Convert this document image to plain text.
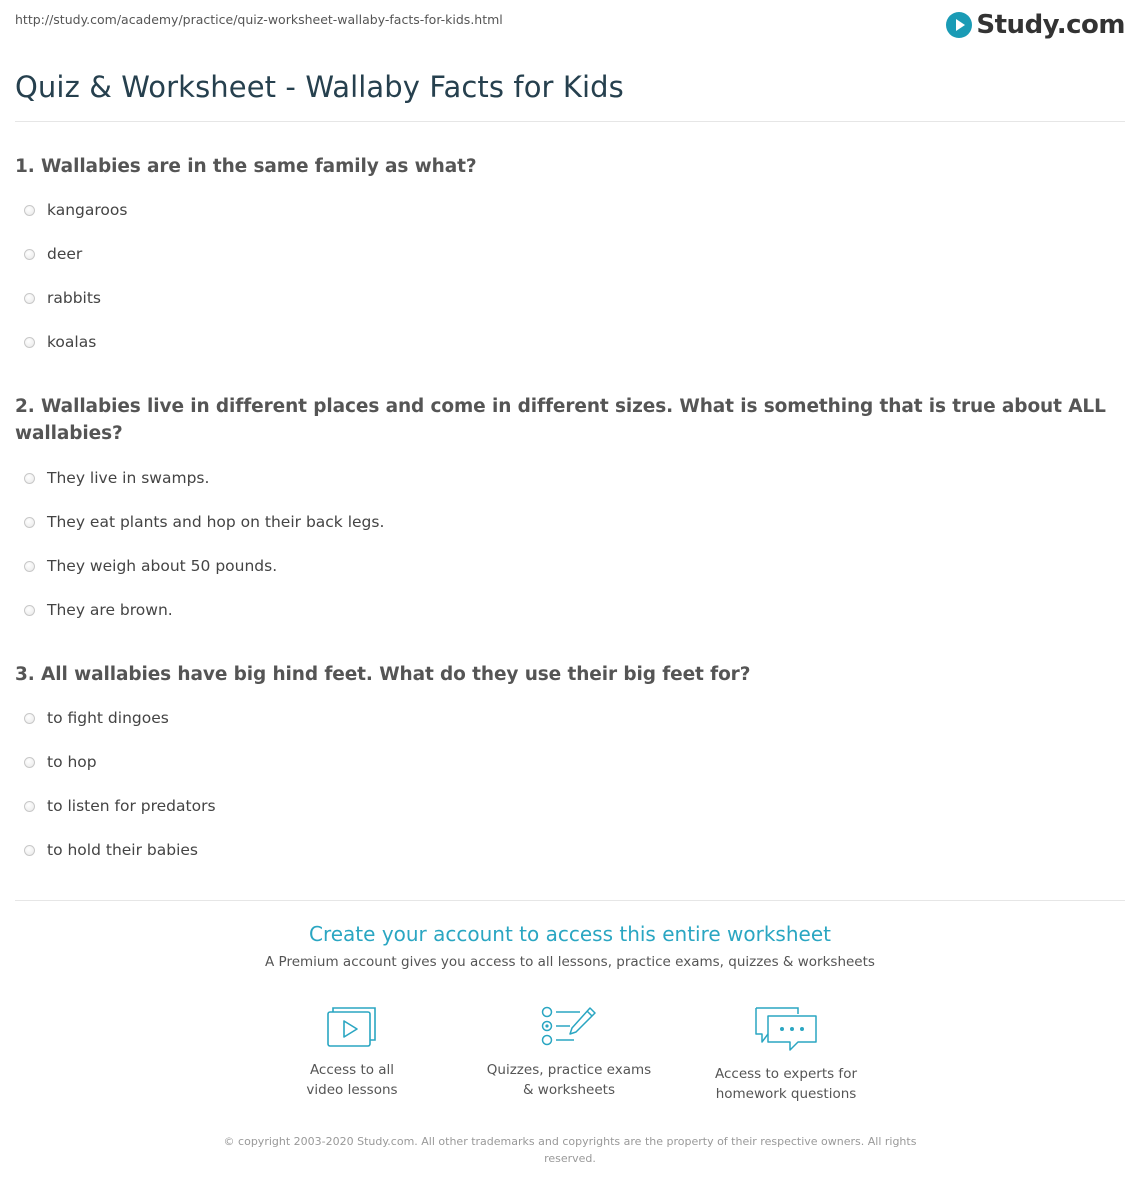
http://study.com/academy/practice/quiz-worksheet-wallaby-facts-for-kids.html	Study.com
Quiz & Worksheet - Wallaby Facts for Kids
1. Wallabies are in the same family as what?
kangaroos
deer
rabbits
koalas
2. Wallabies live in different places and come in different sizes. What is something that is true about ALL wallabies?
They live in swamps.
They eat plants and hop on their back legs.
They weigh about 50 pounds.
They are brown.
3. All wallabies have big hind feet. What do they use their big feet for?
to fight dingoes
to hop
to listen for predators
to hold their babies
Create your account to access this entire worksheet
A Premium account gives you access to all lessons, practice exams, quizzes & worksheets
Access to all
video lessons
Quizzes, practice exams
& worksheets
Access to experts for
homework questions
© copyright 2003-2020 Study.com. All other trademarks and copyrights are the property of their respective owners. All rights reserved.
